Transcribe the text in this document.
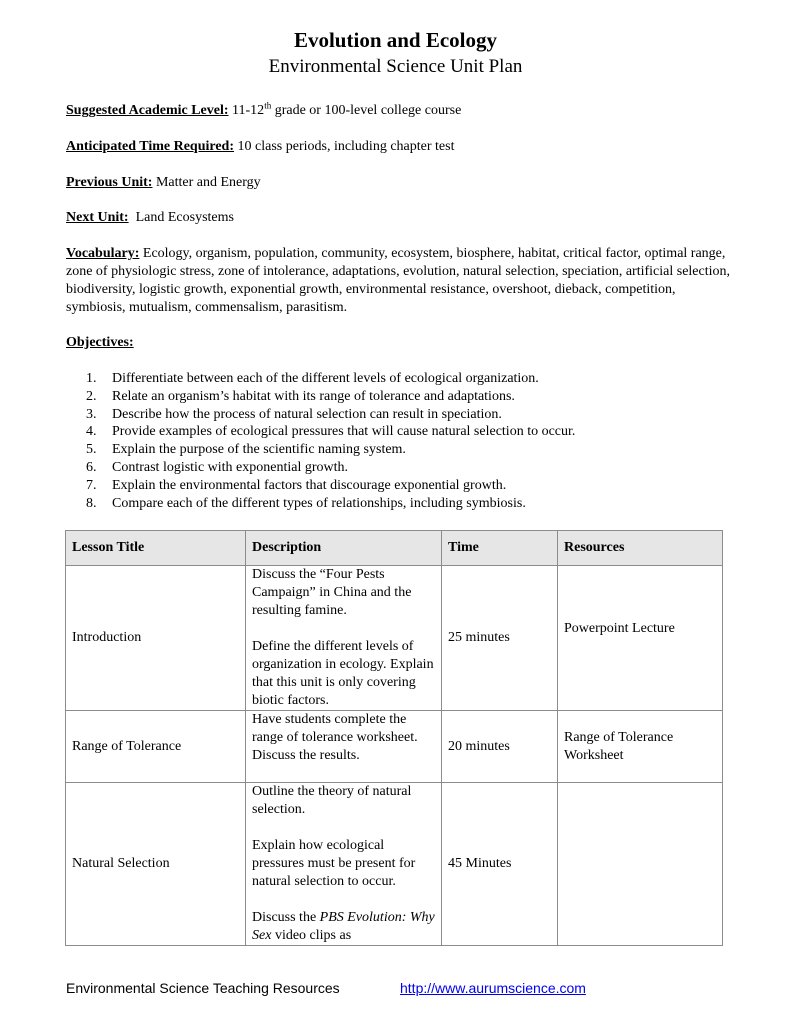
Evolution and Ecology
Environmental Science Unit Plan
Suggested Academic Level: 11-12th grade or 100-level college course
Anticipated Time Required: 10 class periods, including chapter test
Previous Unit: Matter and Energy
Next Unit:  Land Ecosystems
Vocabulary: Ecology, organism, population, community, ecosystem, biosphere, habitat, critical factor, optimal range, zone of physiologic stress, zone of intolerance, adaptations, evolution, natural selection, speciation, artificial selection, biodiversity, logistic growth, exponential growth, environmental resistance, overshoot, dieback, competition, symbiosis, mutualism, commensalism, parasitism.
Objectives:
1.	Differentiate between each of the different levels of ecological organization.
2.	Relate an organism’s habitat with its range of tolerance and adaptations.
3.	Describe how the process of natural selection can result in speciation.
4.	Provide examples of ecological pressures that will cause natural selection to occur.
5.	Explain the purpose of the scientific naming system.
6.	Contrast logistic with exponential growth.
7.	Explain the environmental factors that discourage exponential growth.
8.	Compare each of the different types of relationships, including symbiosis.
Lesson Title	Description	Time	Resources
Introduction	Discuss the “Four Pests Campaign” in China and the resulting famine.
Define the different levels of organization in ecology. Explain that this unit is only covering biotic factors.	25 minutes	Powerpoint Lecture
Range of Tolerance	Have students complete the range of tolerance worksheet. Discuss the results.	20 minutes	Range of Tolerance Worksheet
Natural Selection	Outline the theory of natural selection.
Explain how ecological pressures must be present for natural selection to occur.
Discuss the PBS Evolution: Why Sex video clips as	45 Minutes	
Environmental Science Teaching Resources	http://www.aurumscience.com
